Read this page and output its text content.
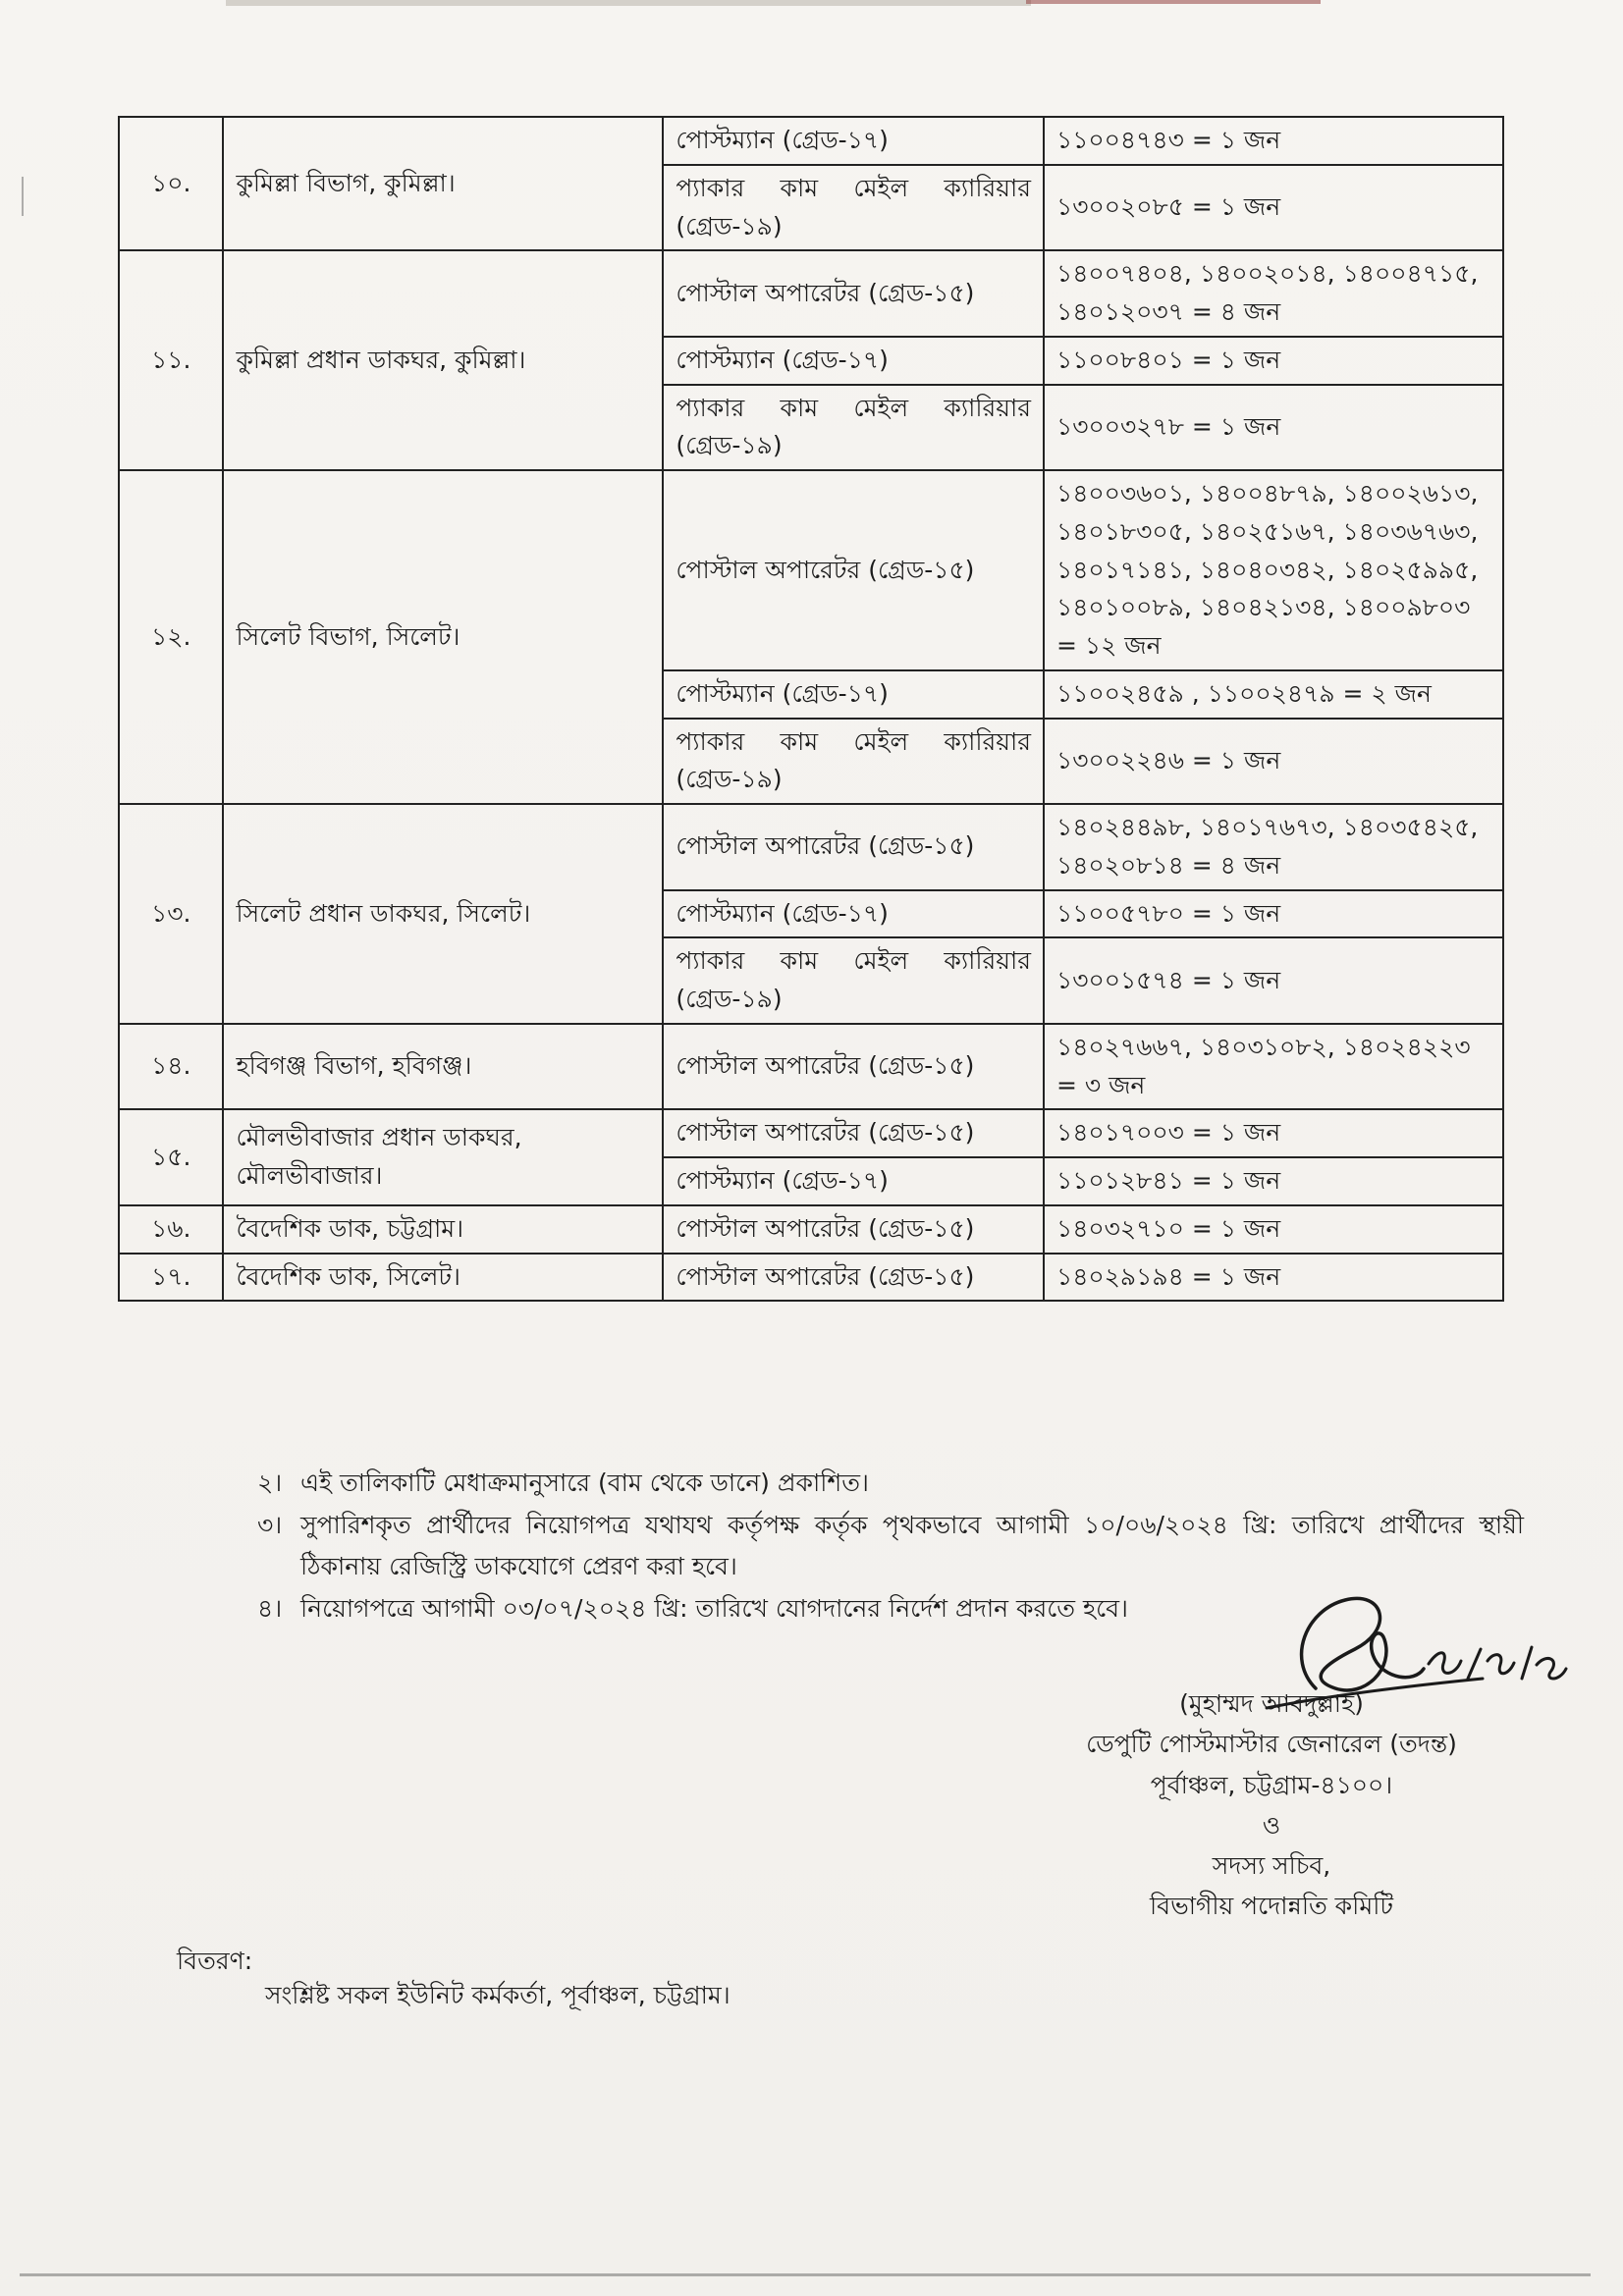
১০.	কুমিল্লা বিভাগ, কুমিল্লা।	পোস্টম্যান (গ্রেড-১৭)	১১০০৪৭৪৩ = ১ জন
		প্যাকার কাম মেইল ক্যারিয়ার (গ্রেড-১৯)	১৩০০২০৮৫ = ১ জন
১১.	কুমিল্লা প্রধান ডাকঘর, কুমিল্লা।	পোস্টাল অপারেটর (গ্রেড-১৫)	১৪০০৭৪০৪, ১৪০০২০১৪, ১৪০০৪৭১৫, ১৪০১২০৩৭ = ৪ জন
		পোস্টম্যান (গ্রেড-১৭)	১১০০৮৪০১ = ১ জন
		প্যাকার কাম মেইল ক্যারিয়ার (গ্রেড-১৯)	১৩০০৩২৭৮ = ১ জন
১২.	সিলেট বিভাগ, সিলেট।	পোস্টাল অপারেটর (গ্রেড-১৫)	১৪০০৩৬০১, ১৪০০৪৮৭৯, ১৪০০২৬১৩, ১৪০১৮৩০৫, ১৪০২৫১৬৭, ১৪০৩৬৭৬৩, ১৪০১৭১৪১, ১৪০৪০৩৪২, ১৪০২৫৯৯৫, ১৪০১০০৮৯, ১৪০৪২১৩৪, ১৪০০৯৮০৩ = ১২ জন
		পোস্টম্যান (গ্রেড-১৭)	১১০০২৪৫৯ , ১১০০২৪৭৯ = ২ জন
		প্যাকার কাম মেইল ক্যারিয়ার (গ্রেড-১৯)	১৩০০২২৪৬ = ১ জন
১৩.	সিলেট প্রধান ডাকঘর, সিলেট।	পোস্টাল অপারেটর (গ্রেড-১৫)	১৪০২৪৪৯৮, ১৪০১৭৬৭৩, ১৪০৩৫৪২৫, ১৪০২০৮১৪ = ৪ জন
		পোস্টম্যান (গ্রেড-১৭)	১১০০৫৭৮০ = ১ জন
		প্যাকার কাম মেইল ক্যারিয়ার (গ্রেড-১৯)	১৩০০১৫৭৪ = ১ জন
১৪.	হবিগঞ্জ বিভাগ, হবিগঞ্জ।	পোস্টাল অপারেটর (গ্রেড-১৫)	১৪০২৭৬৬৭, ১৪০৩১০৮২, ১৪০২৪২২৩ = ৩ জন
১৫.	মৌলভীবাজার প্রধান ডাকঘর, মৌলভীবাজার।	পোস্টাল অপারেটর (গ্রেড-১৫)	১৪০১৭০০৩ = ১ জন
		পোস্টম্যান (গ্রেড-১৭)	১১০১২৮৪১ = ১ জন
১৬.	বৈদেশিক ডাক, চট্টগ্রাম।	পোস্টাল অপারেটর (গ্রেড-১৫)	১৪০৩২৭১০ = ১ জন
১৭.	বৈদেশিক ডাক, সিলেট।	পোস্টাল অপারেটর (গ্রেড-১৫)	১৪০২৯১৯৪ = ১ জন
২। এই তালিকাটি মেধাক্রমানুসারে (বাম থেকে ডানে) প্রকাশিত।
৩। সুপারিশকৃত প্রার্থীদের নিয়োগপত্র যথাযথ কর্তৃপক্ষ কর্তৃক পৃথকভাবে আগামী ১০/০৬/২০২৪ খ্রি: তারিখে প্রার্থীদের স্থায়ী ঠিকানায় রেজিস্ট্রি ডাকযোগে প্রেরণ করা হবে।
৪। নিয়োগপত্রে আগামী ০৩/০৭/২০২৪ খ্রি: তারিখে যোগদানের নির্দেশ প্রদান করতে হবে।
(মুহাম্মদ আবদুল্লাহ)
ডেপুটি পোস্টমাস্টার জেনারেল (তদন্ত)
পূর্বাঞ্চল, চট্টগ্রাম-৪১০০।
ও
সদস্য সচিব,
বিভাগীয় পদোন্নতি কমিটি
বিতরণ:
সংশ্লিষ্ট সকল ইউনিট কর্মকর্তা, পূর্বাঞ্চল, চট্টগ্রাম।
